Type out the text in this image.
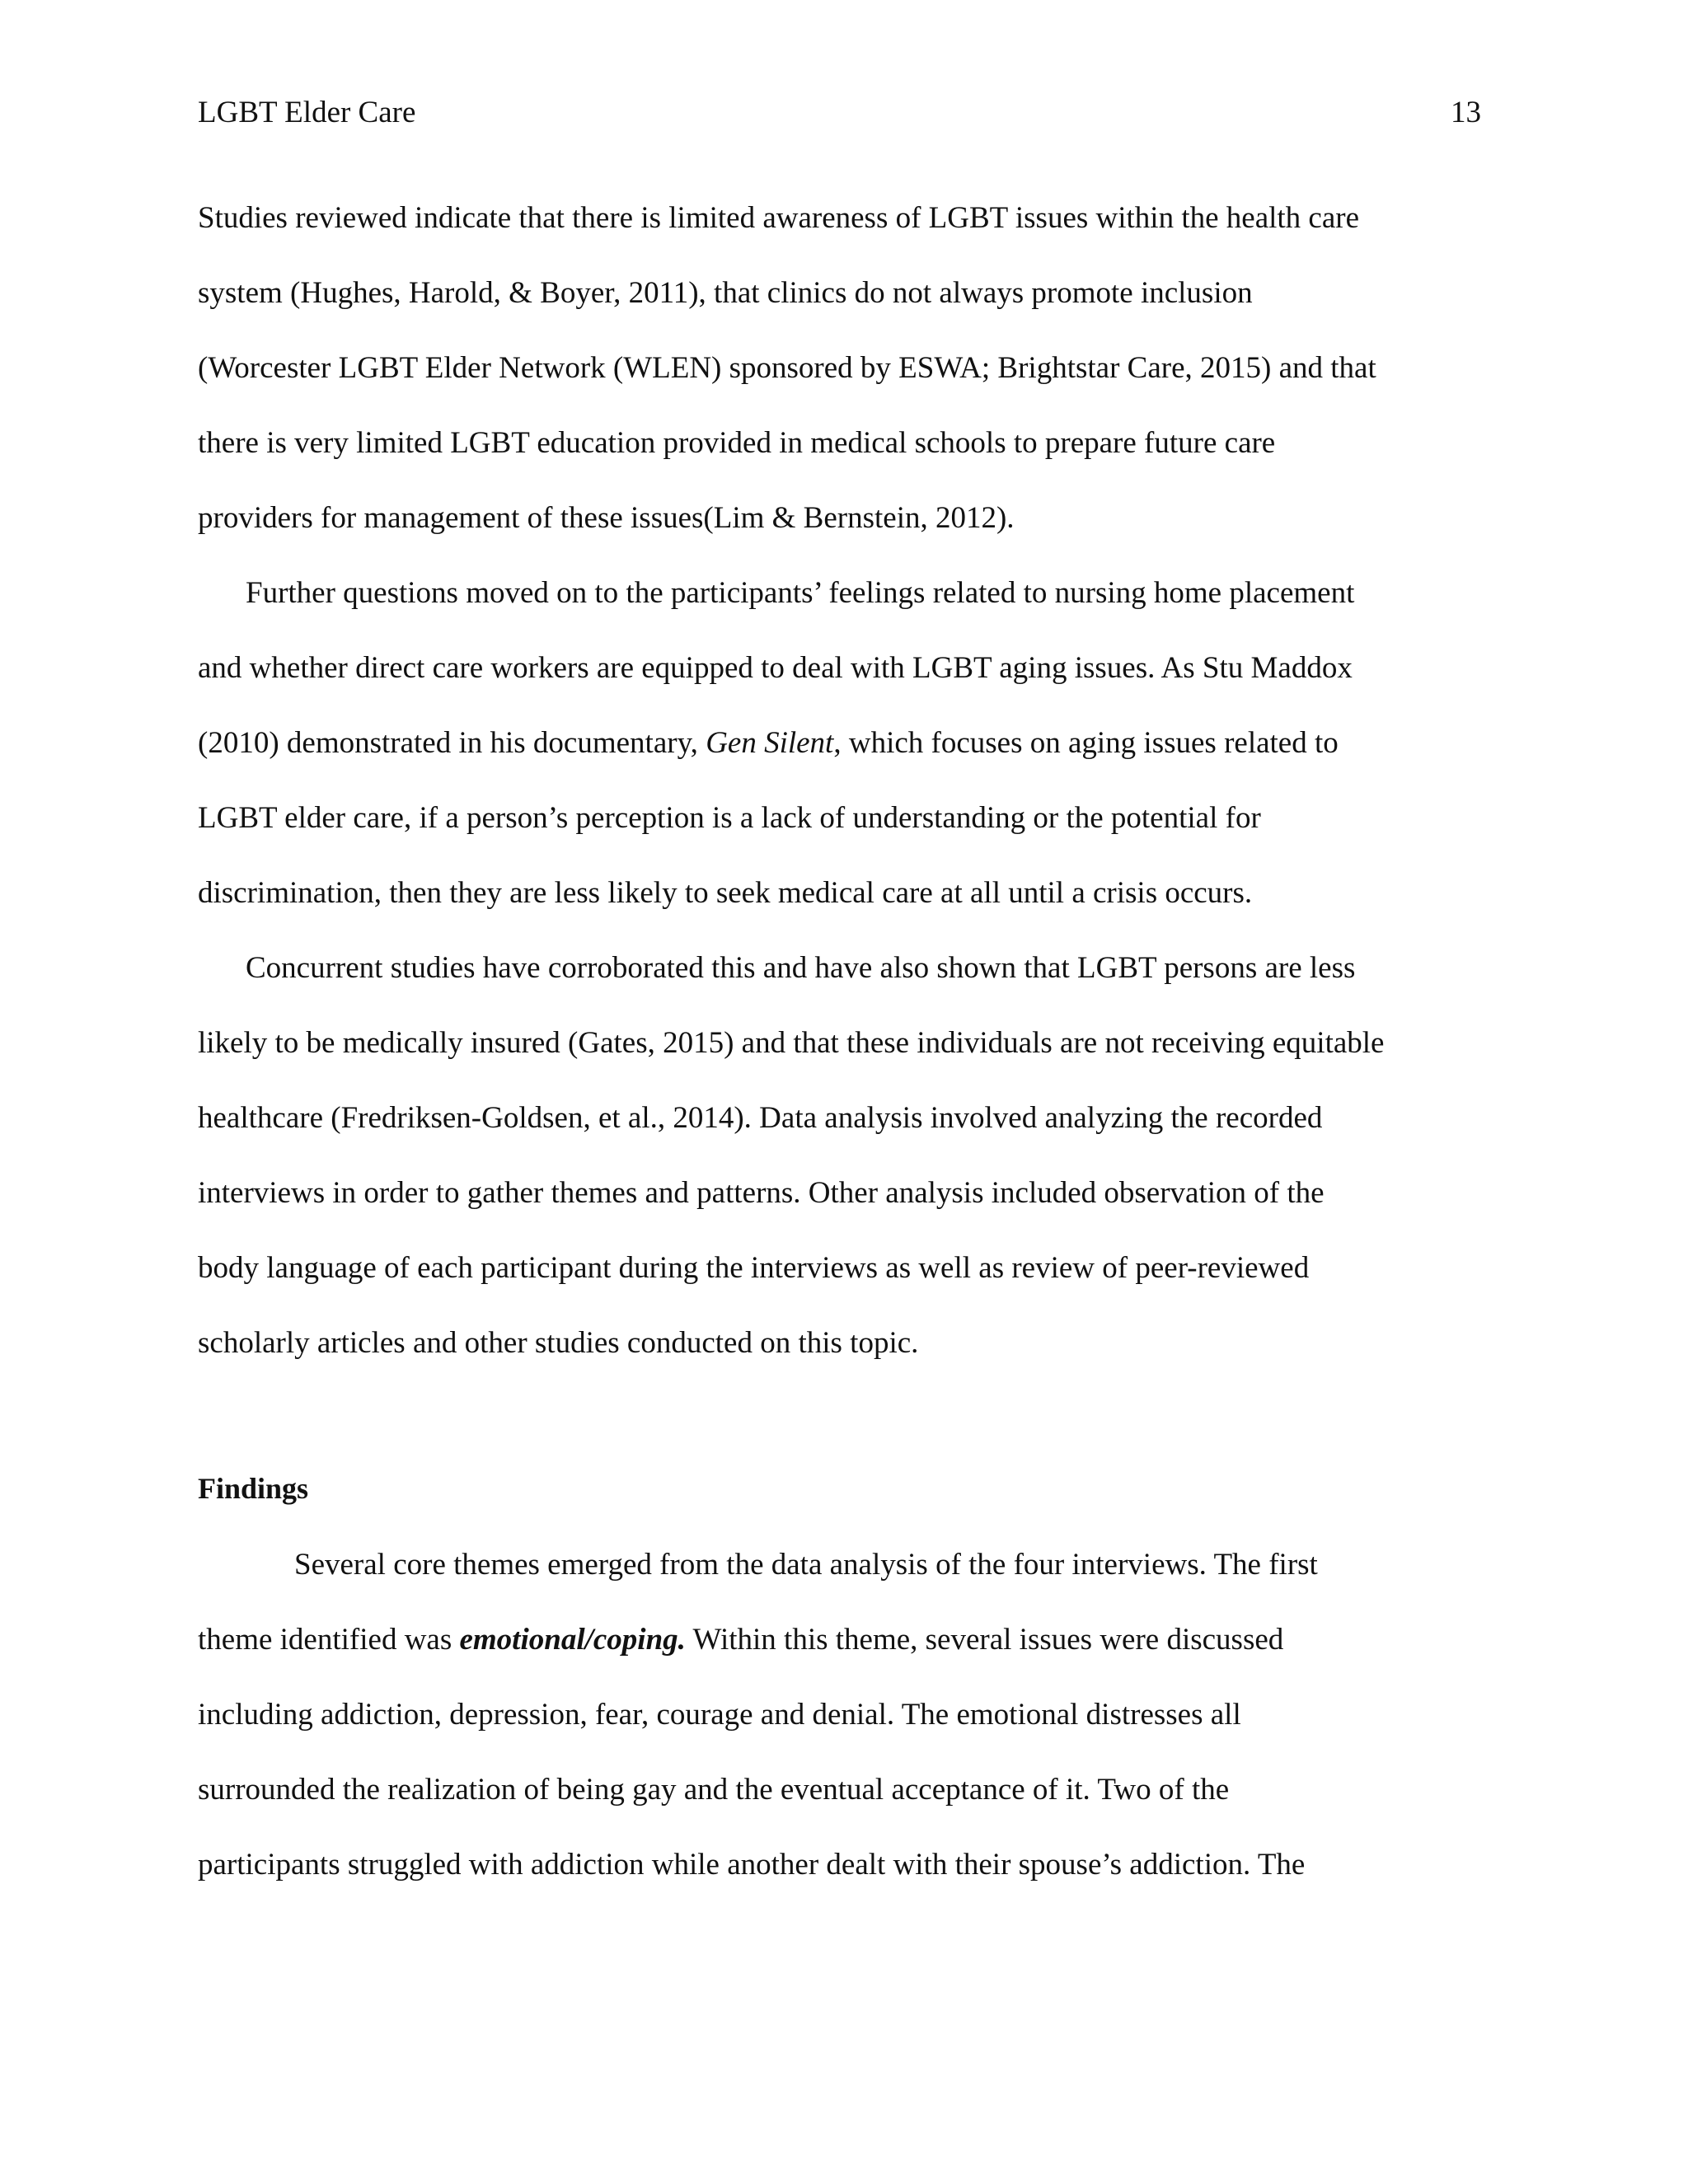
LGBT Elder Care	13
Studies reviewed indicate that there is limited awareness of LGBT issues within the health care
system (Hughes, Harold, & Boyer, 2011), that clinics do not always promote inclusion
(Worcester LGBT Elder Network (WLEN) sponsored by ESWA; Brightstar Care, 2015) and that
there is very limited LGBT education provided in medical schools to prepare future care
providers for management of these issues(Lim & Bernstein, 2012).
Further questions moved on to the participants’ feelings related to nursing home placement
and whether direct care workers are equipped to deal with LGBT aging issues. As Stu Maddox
(2010) demonstrated in his documentary, Gen Silent, which focuses on aging issues related to
LGBT elder care, if a person’s perception is a lack of understanding or the potential for
discrimination, then they are less likely to seek medical care at all until a crisis occurs.
Concurrent studies have corroborated this and have also shown that LGBT persons are less
likely to be medically insured (Gates, 2015) and that these individuals are not receiving equitable
healthcare (Fredriksen-Goldsen, et al., 2014). Data analysis involved analyzing the recorded
interviews in order to gather themes and patterns. Other analysis included observation of the
body language of each participant during the interviews as well as review of peer-reviewed
scholarly articles and other studies conducted on this topic.
Findings
Several core themes emerged from the data analysis of the four interviews. The first
theme identified was emotional/coping. Within this theme, several issues were discussed
including addiction, depression, fear, courage and denial. The emotional distresses all
surrounded the realization of being gay and the eventual acceptance of it. Two of the
participants struggled with addiction while another dealt with their spouse’s addiction. The
